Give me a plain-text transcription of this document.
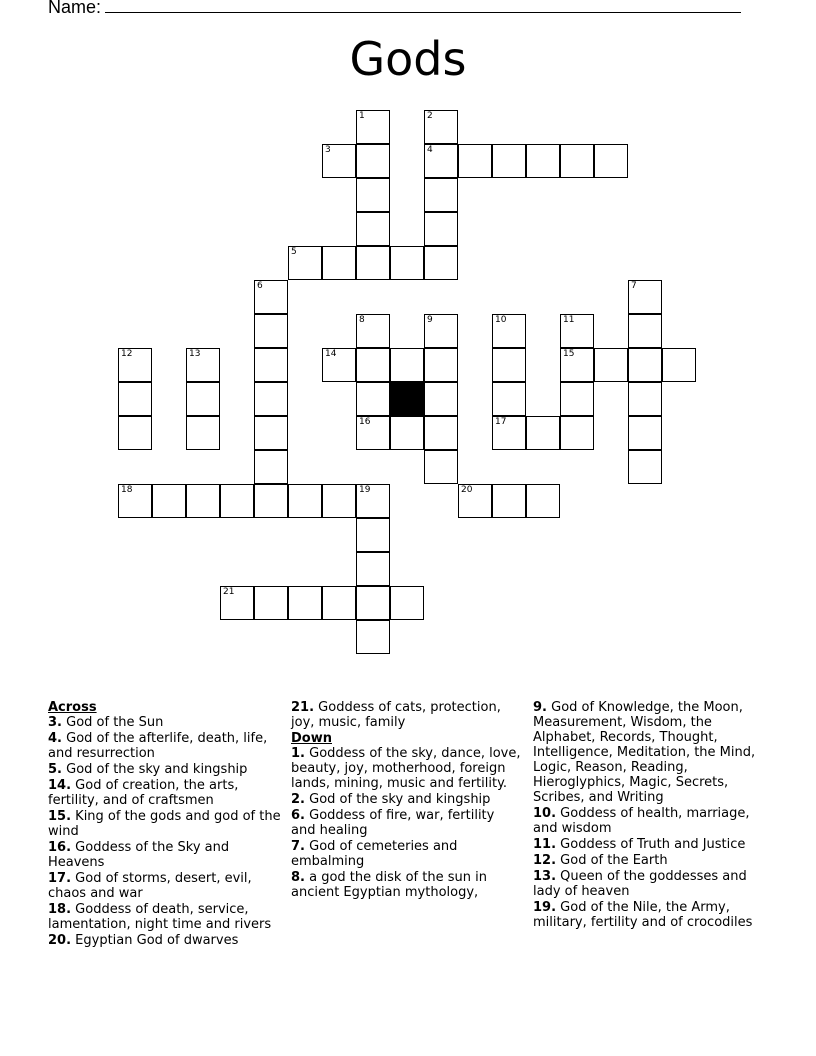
Name:
Gods
1	2
3	4
5
6	7
8	9	10	11
12	13	14	15
16	17
18	19	20
21
Across
3. God of the Sun
4. God of the afterlife, death, life, and resurrection
5. God of the sky and kingship
14. God of creation, the arts, fertility, and of craftsmen
15. King of the gods and god of the wind
16. Goddess of the Sky and Heavens
17. God of storms, desert, evil, chaos and war
18. Goddess of death, service, lamentation, night time and rivers
20. Egyptian God of dwarves
21. Goddess of cats, protection, joy, music, family
Down
1. Goddess of the sky, dance, love, beauty, joy, motherhood, foreign lands, mining, music and fertility.
2. God of the sky and kingship
6. Goddess of fire, war, fertility and healing
7. God of cemeteries and embalming
8. a god the disk of the sun in ancient Egyptian mythology,
9. God of Knowledge, the Moon, Measurement, Wisdom, the Alphabet, Records, Thought, Intelligence, Meditation, the Mind, Logic, Reason, Reading, Hieroglyphics, Magic, Secrets, Scribes, and Writing
10. Goddess of health, marriage, and wisdom
11. Goddess of Truth and Justice
12. God of the Earth
13. Queen of the goddesses and lady of heaven
19. God of the Nile, the Army, military, fertility and of crocodiles
